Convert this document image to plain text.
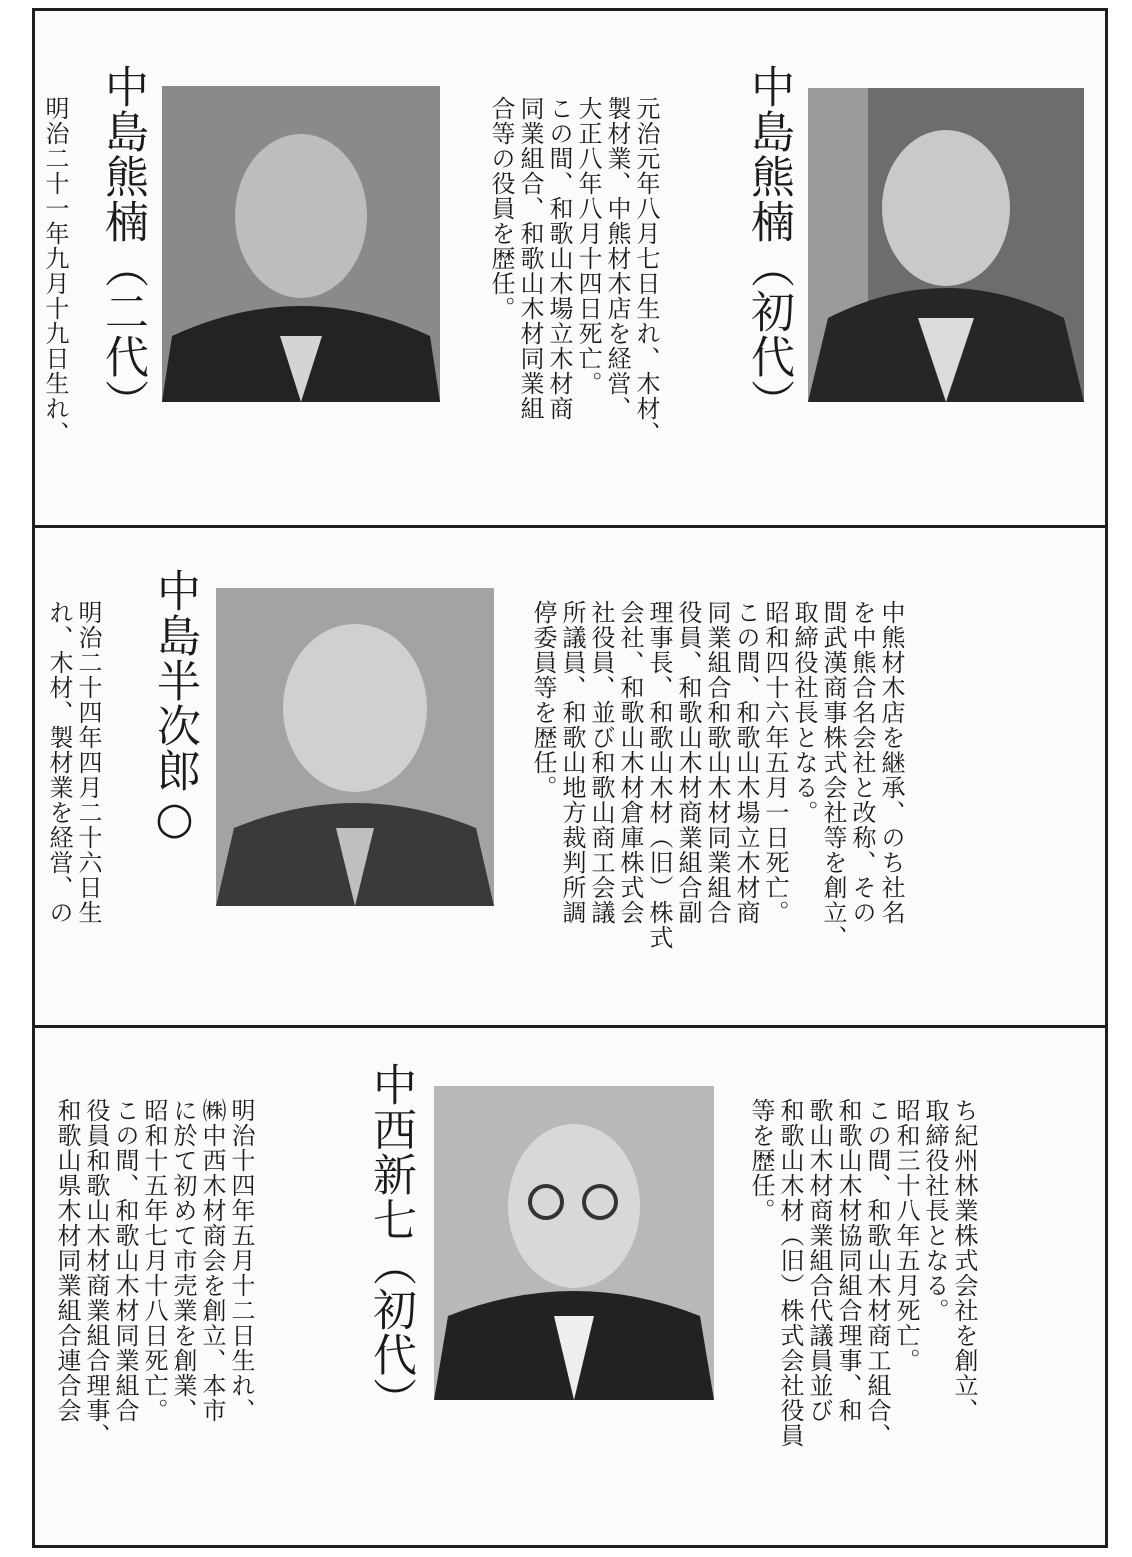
中島熊楠（初代）
元治元年八月七日生れ、木材、
製材業、中熊材木店を経営、
大正八年八月十四日死亡。
この間、和歌山木場立木材商
同業組合、和歌山木材同業組
合等の役員を歴任。
中島熊楠（二代）
明治二十一年九月十九日生れ、
中熊材木店を継承、のち社名
を中熊合名会社と改称、その
間武漢商事株式会社等を創立、
取締役社長となる。
昭和四十六年五月一日死亡。
この間、和歌山木場立木材商
同業組合和歌山木材同業組合
役員、和歌山木材商業組合副
理事長、和歌山木材（旧）株式
会社、和歌山木材倉庫株式会
社役員、並び和歌山商工会議
所議員、和歌山地方裁判所調
停委員等を歴任。
中島半次郎○
明治二十四年四月二十六日生
れ、木材、製材業を経営、の
ち紀州林業株式会社を創立、
取締役社長となる。
昭和三十八年五月死亡。
この間、和歌山木材商工組合、
和歌山木材協同組合理事、和
歌山木材商業組合代議員並び
和歌山木材（旧）株式会社役員
等を歴任。
中西新七（初代）
明治十四年五月十二日生れ、
㈱中西木材商会を創立、本市
に於て初めて市売業を創業、
昭和十五年七月十八日死亡。
この間、和歌山木材同業組合
役員和歌山木材商業組合理事、
和歌山県木材同業組合連合会
